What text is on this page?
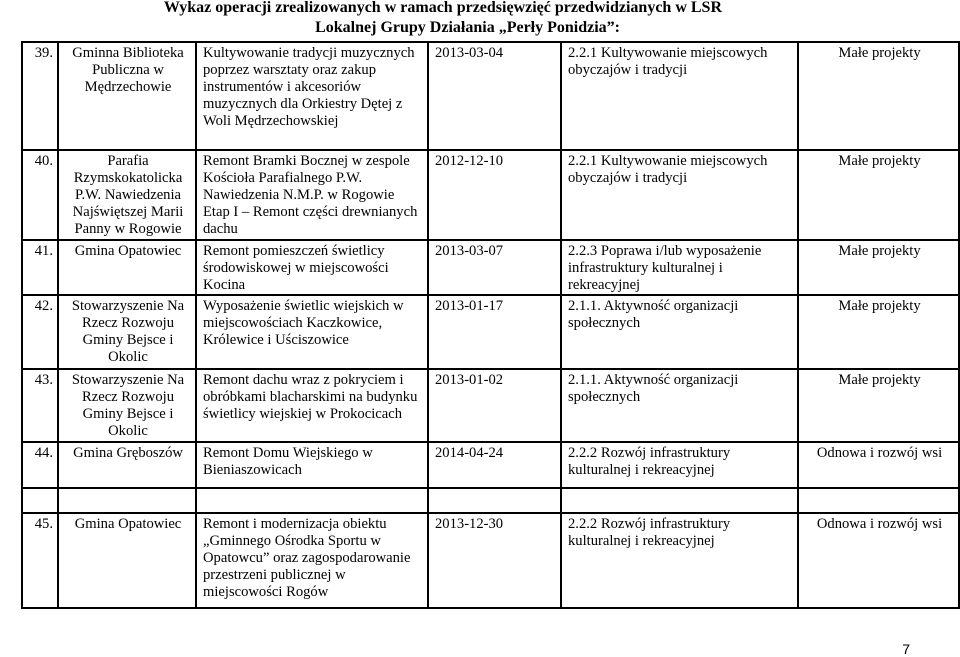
Wykaz operacji zrealizowanych w ramach przedsięwzięć przedwidzianych w LSR
Lokalnej Grupy Działania „Perły Ponidzia”:
39.	Gminna Biblioteka Publiczna w Mędrzechowie	Kultywowanie tradycji muzycznych poprzez warsztaty oraz zakup instrumentów i akcesoriów muzycznych dla Orkiestry Dętej z Woli Mędrzechowskiej	2013-03-04	2.2.1 Kultywowanie miejscowych obyczajów i tradycji	Małe projekty
40.	Parafia Rzymskokatolicka P.W. Nawiedzenia Najświętszej Marii Panny w Rogowie	Remont Bramki Bocznej w zespole Kościoła Parafialnego P.W. Nawiedzenia N.M.P. w Rogowie Etap I – Remont części drewnianych dachu	2012-12-10	2.2.1 Kultywowanie miejscowych obyczajów i tradycji	Małe projekty
41.	Gmina Opatowiec	Remont pomieszczeń świetlicy środowiskowej w miejscowości Kocina	2013-03-07	2.2.3 Poprawa i/lub wyposażenie infrastruktury kulturalnej i rekreacyjnej	Małe projekty
42.	Stowarzyszenie Na Rzecz Rozwoju Gminy Bejsce i Okolic	Wyposażenie świetlic wiejskich w miejscowościach Kaczkowice, Królewice i Uściszowice	2013-01-17	2.1.1. Aktywność organizacji społecznych	Małe projekty
43.	Stowarzyszenie Na Rzecz Rozwoju Gminy Bejsce i Okolic	Remont dachu wraz z pokryciem i obróbkami blacharskimi na budynku świetlicy wiejskiej w Prokocicach	2013-01-02	2.1.1. Aktywność organizacji społecznych	Małe projekty
44.	Gmina Gręboszów	Remont Domu Wiejskiego w Bieniaszowicach	2014-04-24	2.2.2 Rozwój infrastruktury kulturalnej i rekreacyjnej	Odnowa i rozwój wsi

45.	Gmina Opatowiec	Remont i modernizacja obiektu „Gminnego Ośrodka Sportu w Opatowcu” oraz zagospodarowanie przestrzeni publicznej w miejscowości Rogów	2013-12-30	2.2.2 Rozwój infrastruktury kulturalnej i rekreacyjnej	Odnowa i rozwój wsi
7
